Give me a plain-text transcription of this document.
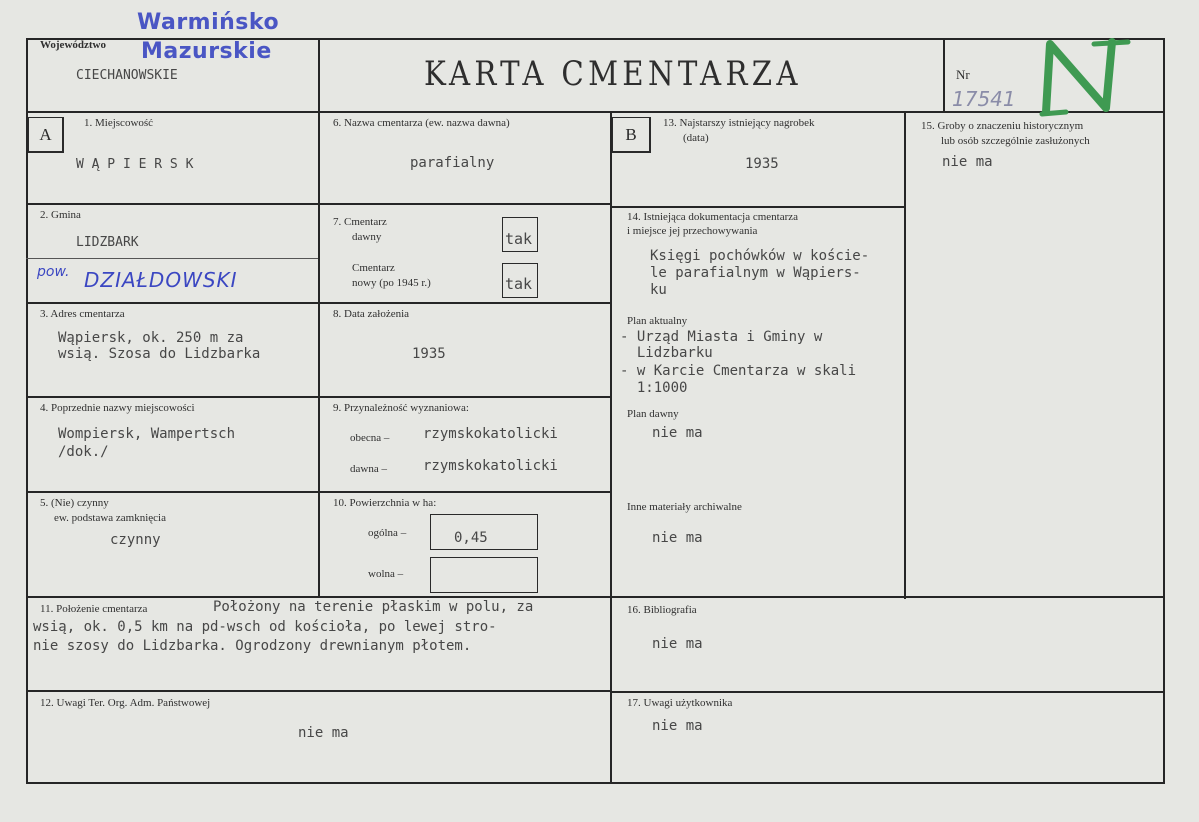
Warmińsko
Mazurskie
Województwo
CIECHANOWSKIE	KARTA CMENTARZA	Nr
17541
A	B
1. Miejscowość
W Ą P I E R S K
2. Gmina
LIDZBARK
pow. DZIAŁDOWSKI
3. Adres cmentarza
Wąpiersk, ok. 250 m za
wsią. Szosa do Lidzbarka
4. Poprzednie nazwy miejscowości
Wompiersk, Wampertsch
/dok./
5. (Nie) czynny
ew. podstawa zamknięcia
czynny
6. Nazwa cmentarza (ew. nazwa dawna)
parafialny
7. Cmentarz
dawny	tak
Cmentarz
nowy (po 1945 r.)	tak
8. Data założenia
1935
9. Przynależność wyznaniowa:
obecna – rzymskokatolicki
dawna –	rzymskokatolicki
10. Powierzchnia w ha:
ogólna –	0,45
wolna –
11. Położenie cmentarza	Położony na terenie płaskim w polu, za
wsią, ok. 0,5 km na pd-wsch od kościoła, po lewej stro-
nie szosy do Lidzbarka. Ogrodzony drewnianym płotem.
12. Uwagi Ter. Org. Adm. Państwowej
nie ma
13. Najstarszy istniejący nagrobek
(data)
1935
14. Istniejąca dokumentacja cmentarza
i miejsce jej przechowywania
Księgi pochówków w koście-
le parafialnym w Wąpiers-
ku
Plan aktualny
- Urząd Miasta i Gminy w
Lidzbarku
- w Karcie Cmentarza w skali
1:1000
Plan dawny
nie ma
Inne materiały archiwalne
nie ma
15. Groby o znaczeniu historycznym
lub osób szczególnie zasłużonych
nie ma
16. Bibliografia
nie ma
17. Uwagi użytkownika
nie ma
